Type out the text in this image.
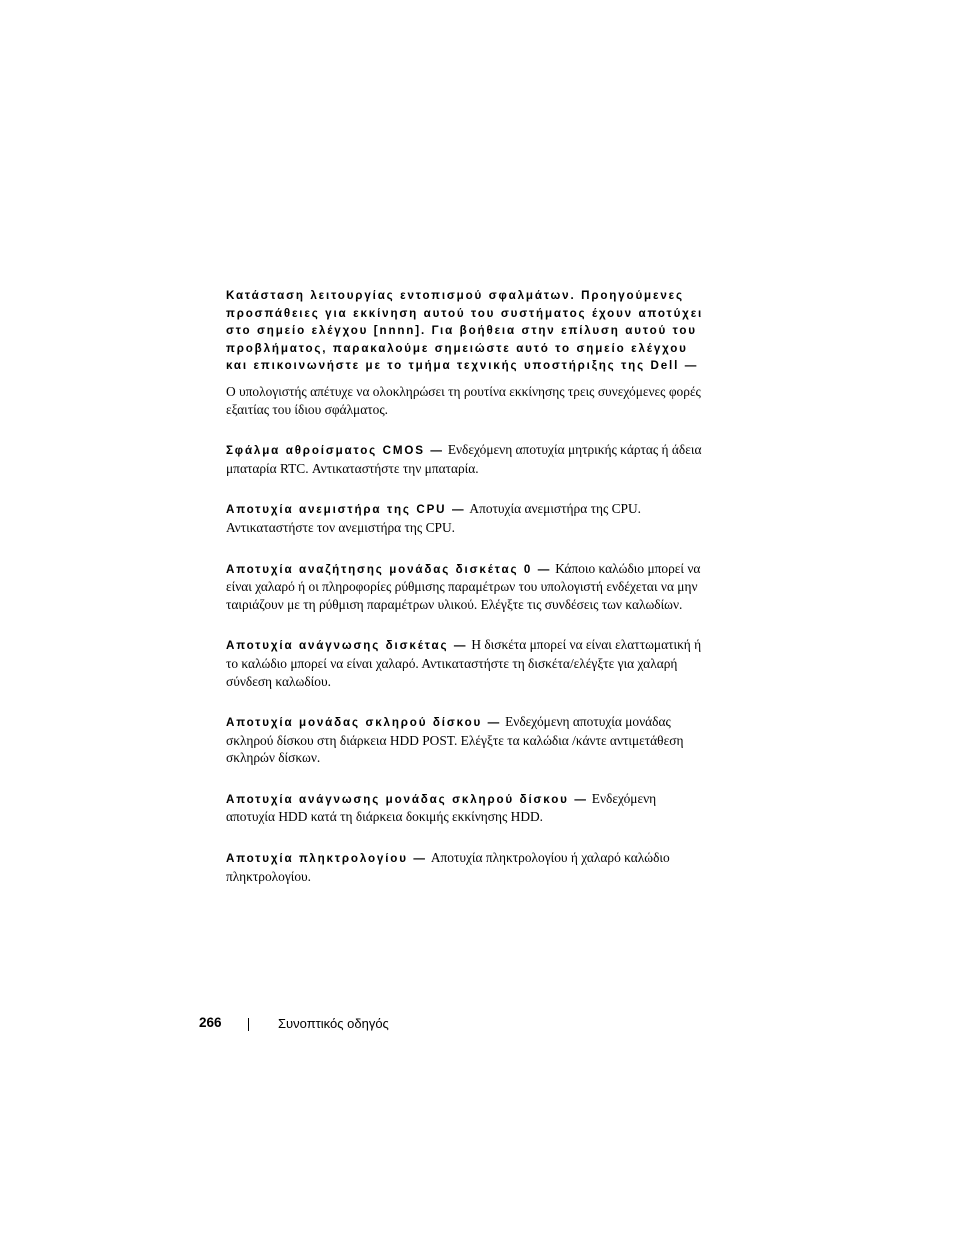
Κατάσταση λειτουργίας εντοπισμού σφαλμάτων. Προηγούμενες προσπάθειες για εκκίνηση αυτού του συστήματος έχουν αποτύχει στο σημείο ελέγχου [nnnn]. Για βοήθεια στην επίλυση αυτού του προβλήματος, παρακαλούμε σημειώστε αυτό το σημείο ελέγχου και επικοινωνήστε με το τμήμα τεχνικής υποστήριξης της Dell —
Ο υπολογιστής απέτυχε να ολοκληρώσει τη ρουτίνα εκκίνησης τρεις συνεχόμενες φορές εξαιτίας του ίδιου σφάλματος.

Σφάλμα αθροίσματος CMOS — Ενδεχόμενη αποτυχία μητρικής κάρτας ή άδεια μπαταρία RTC. Αντικαταστήστε την μπαταρία.

Αποτυχία ανεμιστήρα της CPU — Αποτυχία ανεμιστήρα της CPU. Αντικαταστήστε τον ανεμιστήρα της CPU.

Αποτυχία αναζήτησης μονάδας δισκέτας 0 — Κάποιο καλώδιο μπορεί να είναι χαλαρό ή οι πληροφορίες ρύθμισης παραμέτρων του υπολογιστή ενδέχεται να μην ταιριάζουν με τη ρύθμιση παραμέτρων υλικού. Ελέγξτε τις συνδέσεις των καλωδίων.

Αποτυχία ανάγνωσης δισκέτας — Η δισκέτα μπορεί να είναι ελαττωματική ή το καλώδιο μπορεί να είναι χαλαρό. Αντικαταστήστε τη δισκέτα/ελέγξτε για χαλαρή σύνδεση καλωδίου.

Αποτυχία μονάδας σκληρού δίσκου — Ενδεχόμενη αποτυχία μονάδας σκληρού δίσκου στη διάρκεια HDD POST. Ελέγξτε τα καλώδια /κάντε αντιμετάθεση σκληρών δίσκων.

Αποτυχία ανάγνωσης μονάδας σκληρού δίσκου — Ενδεχόμενη αποτυχία HDD κατά τη διάρκεια δοκιμής εκκίνησης HDD.

Αποτυχία πληκτρολογίου — Αποτυχία πληκτρολογίου ή χαλαρό καλώδιο πληκτρολογίου.

266	Συνοπτικός οδηγός
